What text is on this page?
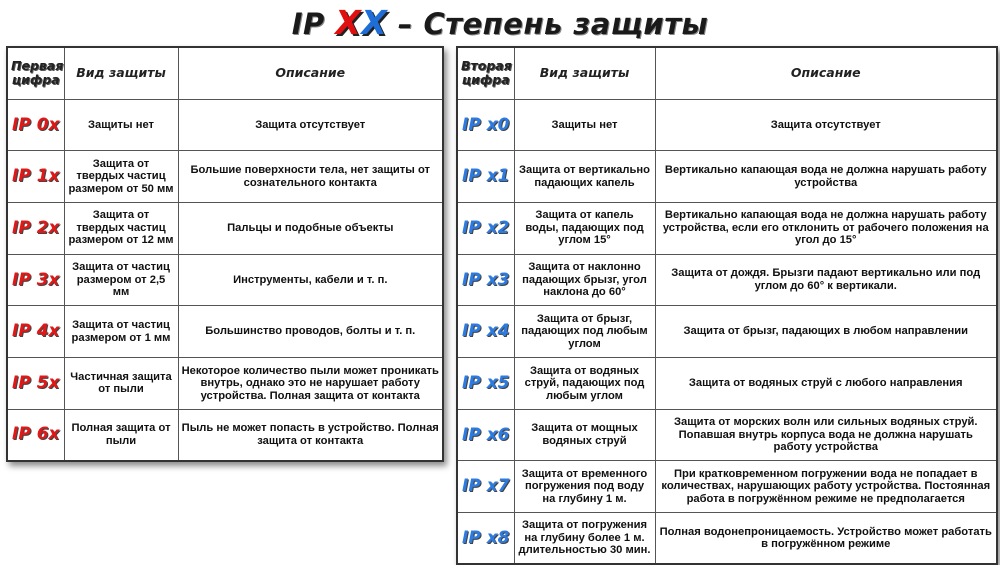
IP XX – Степень защиты
Первая цифра	Вид защиты	Описание
IP 0x	Защиты нет	Защита отсутствует
IP 1x	Защита от твердых частиц размером от 50 мм	Большие поверхности тела, нет защиты от сознательного контакта
IP 2x	Защита от твердых частиц размером от 12 мм	Пальцы и подобные объекты
IP 3x	Защита от частиц размером от 2,5 мм	Инструменты, кабели и т. п.
IP 4x	Защита от частиц размером от 1 мм	Большинство проводов, болты и т. п.
IP 5x	Частичная защита от пыли	Некоторое количество пыли может проникать внутрь, однако это не нарушает работу устройства. Полная защита от контакта
IP 6x	Полная защита от пыли	Пыль не может попасть в устройство. Полная защита от контакта
Вторая цифра	Вид защиты	Описание
IP x0	Защиты нет	Защита отсутствует
IP x1	Защита от вертикально падающих капель	Вертикально капающая вода не должна нарушать работу устройства
IP x2	Защита от капель воды, падающих под углом 15°	Вертикально капающая вода не должна нарушать работу устройства, если его отклонить от рабочего положения на угол до 15°
IP x3	Защита от наклонно падающих брызг, угол наклона до 60°	Защита от дождя. Брызги падают вертикально или под углом до 60° к вертикали.
IP x4	Защита от брызг, падающих под любым углом	Защита от брызг, падающих в любом направлении
IP x5	Защита от водяных струй, падающих под любым углом	Защита от водяных струй с любого направления
IP x6	Защита от мощных водяных струй	Защита от морских волн или сильных водяных струй. Попавшая внутрь корпуса вода не должна нарушать работу устройства
IP x7	Защита от временного погружения под воду на глубину 1 м.	При кратковременном погружении вода не попадает в количествах, нарушающих работу устройства. Постоянная работа в погружённом режиме не предполагается
IP x8	Защита от погружения на глубину более 1 м. длительностью 30 мин.	Полная водонепроницаемость. Устройство может работать в погружённом режиме
